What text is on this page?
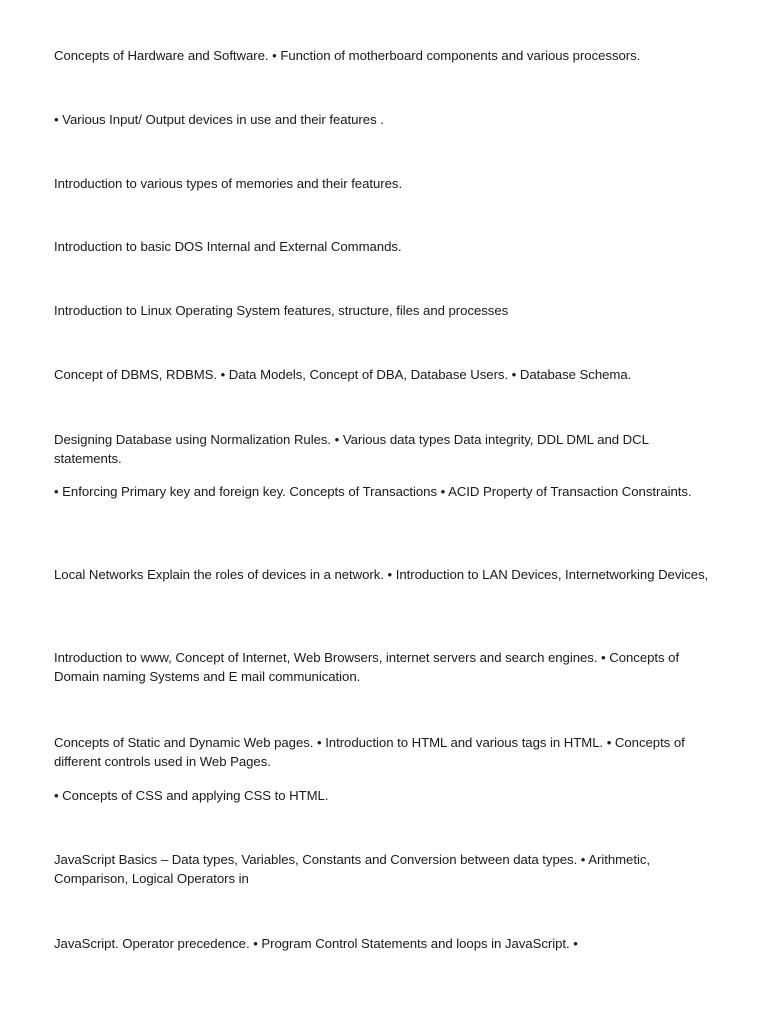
Concepts of Hardware and Software. • Function of motherboard components and various processors.

• Various Input/ Output devices in use and their features .

Introduction to various types of memories and their features.

Introduction to basic DOS Internal and External Commands.

Introduction to Linux Operating System features, structure, files and processes

Concept of DBMS, RDBMS. • Data Models, Concept of DBA, Database Users. • Database Schema.

Designing Database using Normalization Rules. • Various data types Data integrity, DDL DML and DCL statements.

• Enforcing Primary key and foreign key. Concepts of Transactions • ACID Property of Transaction Constraints.

Local Networks Explain the roles of devices in a network. • Introduction to LAN Devices, Internetworking Devices,

Introduction to www, Concept of Internet, Web Browsers, internet servers and search engines. • Concepts of Domain naming Systems and E mail communication.

Concepts of Static and Dynamic Web pages. • Introduction to HTML and various tags in HTML. • Concepts of different controls used in Web Pages.

• Concepts of CSS and applying CSS to HTML.

JavaScript Basics – Data types, Variables, Constants and Conversion between data types. • Arithmetic, Comparison, Logical Operators in

JavaScript. Operator precedence. • Program Control Statements and loops in JavaScript. •
